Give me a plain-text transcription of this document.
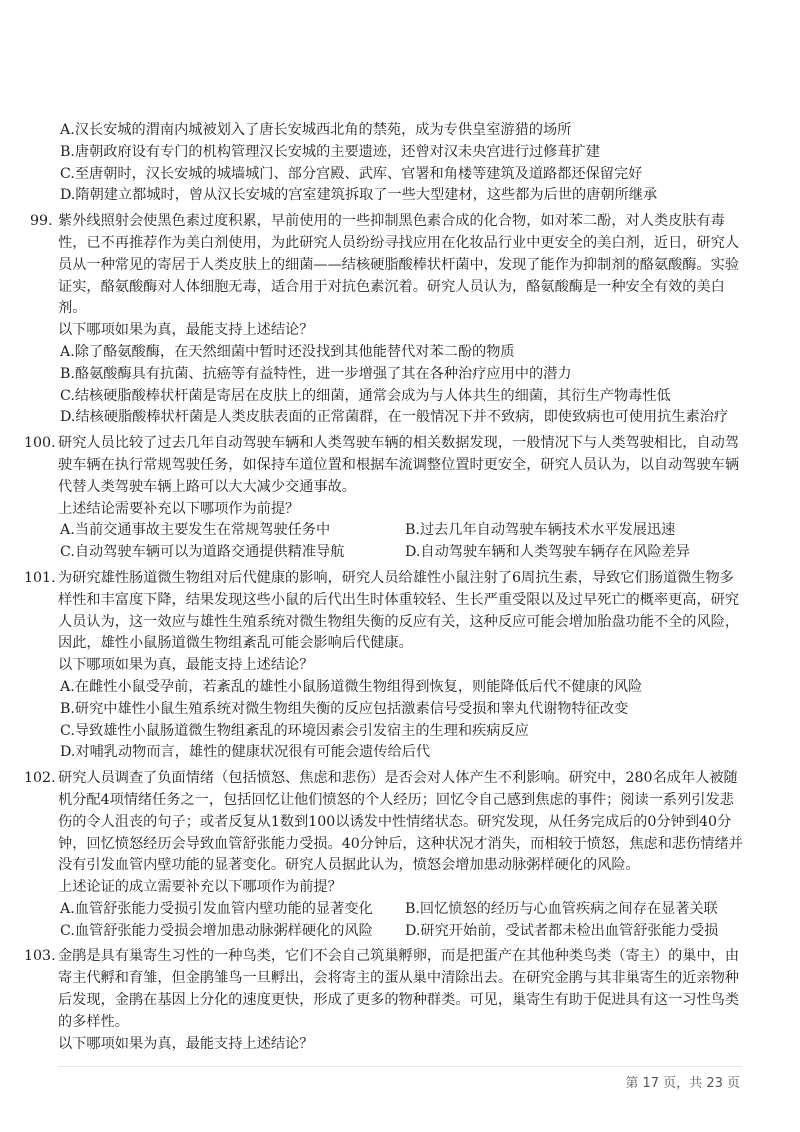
A.汉长安城的渭南内城被划入了唐长安城西北角的禁苑，成为专供皇室游猎的场所
B.唐朝政府设有专门的机构管理汉长安城的主要遗迹，还曾对汉未央宫进行过修葺扩建
C.至唐朝时，汉长安城的城墙城门、部分宫殿、武库、官署和角楼等建筑及道路都还保留完好
D.隋朝建立都城时，曾从汉长安城的宫室建筑拆取了一些大型建材，这些都为后世的唐朝所继承
99. 紫外线照射会使黑色素过度积累，早前使用的一些抑制黑色素合成的化合物，如对苯二酚，对人类皮肤有毒
性，已不再推荐作为美白剂使用，为此研究人员纷纷寻找应用在化妆品行业中更安全的美白剂，近日，研究人
员从一种常见的寄居于人类皮肤上的细菌——结核硬脂酸棒状杆菌中，发现了能作为抑制剂的酪氨酸酶。实验
证实，酪氨酸酶对人体细胞无毒，适合用于对抗色素沉着。研究人员认为，酪氨酸酶是一种安全有效的美白
剂。
以下哪项如果为真，最能支持上述结论？
A.除了酪氨酸酶，在天然细菌中暂时还没找到其他能替代对苯二酚的物质
B.酪氨酸酶具有抗菌、抗癌等有益特性，进一步增强了其在各种治疗应用中的潜力
C.结核硬脂酸棒状杆菌是寄居在皮肤上的细菌，通常会成为与人体共生的细菌，其衍生产物毒性低
D.结核硬脂酸棒状杆菌是人类皮肤表面的正常菌群，在一般情况下并不致病，即使致病也可使用抗生素治疗
100. 研究人员比较了过去几年自动驾驶车辆和人类驾驶车辆的相关数据发现，一般情况下与人类驾驶相比，自动驾
驶车辆在执行常规驾驶任务，如保持车道位置和根据车流调整位置时更安全，研究人员认为，以自动驾驶车辆
代替人类驾驶车辆上路可以大大减少交通事故。
上述结论需要补充以下哪项作为前提？
A.当前交通事故主要发生在常规驾驶任务中	B.过去几年自动驾驶车辆技术水平发展迅速
C.自动驾驶车辆可以为道路交通提供精准导航	D.自动驾驶车辆和人类驾驶车辆存在风险差异
101. 为研究雄性肠道微生物组对后代健康的影响，研究人员给雄性小鼠注射了6周抗生素，导致它们肠道微生物多
样性和丰富度下降，结果发现这些小鼠的后代出生时体重较轻、生长严重受限以及过早死亡的概率更高，研究
人员认为，这一效应与雄性生殖系统对微生物组失衡的反应有关，这种反应可能会增加胎盘功能不全的风险，
因此，雄性小鼠肠道微生物组紊乱可能会影响后代健康。
以下哪项如果为真，最能支持上述结论？
A.在雌性小鼠受孕前，若紊乱的雄性小鼠肠道微生物组得到恢复，则能降低后代不健康的风险
B.研究中雄性小鼠生殖系统对微生物组失衡的反应包括激素信号受损和睾丸代谢物特征改变
C.导致雄性小鼠肠道微生物组紊乱的环境因素会引发宿主的生理和疾病反应
D.对哺乳动物而言，雄性的健康状况很有可能会遗传给后代
102. 研究人员调查了负面情绪（包括愤怒、焦虑和悲伤）是否会对人体产生不利影响。研究中，280名成年人被随
机分配4项情绪任务之一，包括回忆让他们愤怒的个人经历；回忆令自己感到焦虑的事件；阅读一系列引发悲
伤的令人沮丧的句子；或者反复从1数到100以诱发中性情绪状态。研究发现，从任务完成后的0分钟到40分
钟，回忆愤怒经历会导致血管舒张能力受损。40分钟后，这种状况才消失，而相较于愤怒，焦虑和悲伤情绪并
没有引发血管内壁功能的显著变化。研究人员据此认为，愤怒会增加患动脉粥样硬化的风险。
上述论证的成立需要补充以下哪项作为前提？
A.血管舒张能力受损引发血管内壁功能的显著变化	B.回忆愤怒的经历与心血管疾病之间存在显著关联
C.血管舒张能力受损会增加患动脉粥样硬化的风险	D.研究开始前，受试者都未检出血管舒张能力受损
103. 金鹃是具有巢寄生习性的一种鸟类，它们不会自己筑巢孵卵，而是把蛋产在其他种类鸟类（寄主）的巢中，由
寄主代孵和育雏，但金鹃雏鸟一旦孵出，会将寄主的蛋从巢中清除出去。在研究金鹃与其非巢寄生的近亲物种
后发现，金鹃在基因上分化的速度更快，形成了更多的物种群类。可见，巢寄生有助于促进具有这一习性鸟类
的多样性。
以下哪项如果为真，最能支持上述结论？
第 17 页，共 23 页
